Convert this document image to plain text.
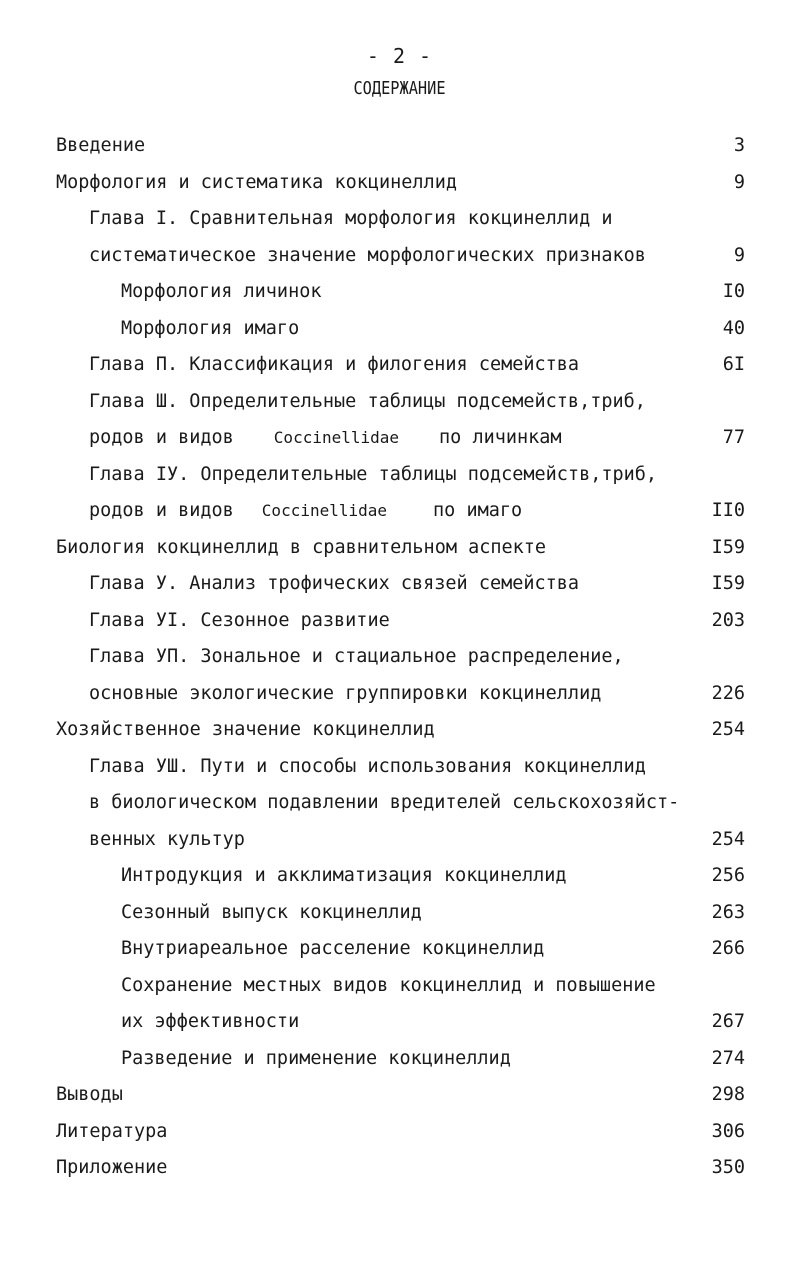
- 2 -
СОДЕРЖАНИЕ
Введение	3
Морфология и систематика кокцинеллид	9
Глава I. Сравнительная морфология кокцинеллид и
систематическое значение морфологических признаков	9
Морфология личинок	I0
Морфология имаго	40
Глава П. Классификация и филогения семейства	6I
Глава Ш. Определительные таблицы подсемейств,триб,
родов и видов	Coccinellidae по личинкам	77
Глава IУ. Определительные таблицы подсемейств,триб,
родов и видов Coccinellidae по имаго	II0
Биология кокцинеллид в сравнительном аспекте	I59
Глава У. Анализ трофических связей семейства	I59
Глава УI. Сезонное развитие	203
Глава УП. Зональное и стациальное распределение,
основные экологические группировки кокцинеллид	226
Хозяйственное значение кокцинеллид	254
Глава УШ. Пути и способы использования кокцинеллид
в биологическом подавлении вредителей сельскохозяйст-
венных культур	254
Интродукция и акклиматизация кокцинеллид	256
Сезонный выпуск кокцинеллид	263
Внутриареальное расселение кокцинеллид	266
Сохранение местных видов кокцинеллид и повышение
их эффективности	267
Разведение и применение кокцинеллид	274
Выводы	298
Литература	306
Приложение	350
